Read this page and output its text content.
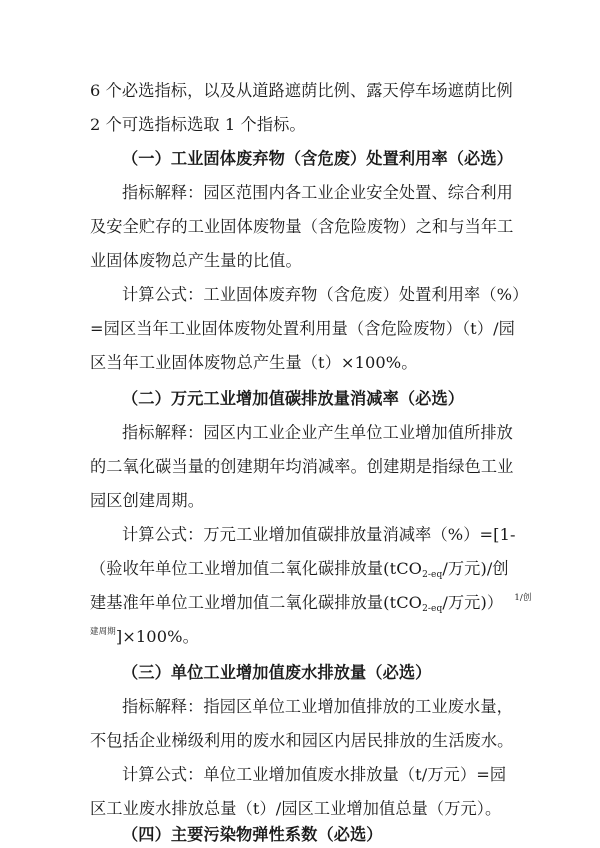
6 个必选指标，以及从道路遮荫比例、露天停车场遮荫比例
2 个可选指标选取 1 个指标。
（一）工业固体废弃物（含危废）处置利用率（必选）
指标解释：园区范围内各工业企业安全处置、综合利用
及安全贮存的工业固体废物量（含危险废物）之和与当年工
业固体废物总产生量的比值。
计算公式：工业固体废弃物（含危废）处置利用率（%）
=园区当年工业固体废物处置利用量（含危险废物）（t）/园
区当年工业固体废物总产生量（t）×100%。
（二）万元工业增加值碳排放量消减率（必选）
指标解释：园区内工业企业产生单位工业增加值所排放
的二氧化碳当量的创建期年均消减率。创建期是指绿色工业
园区创建周期。
计算公式：万元工业增加值碳排放量消减率（%）=[1-
（验收年单位工业增加值二氧化碳排放量(tCO$_{2-eq}$/万元)/创
建基准年单位工业增加值二氧化碳排放量(tCO$_{2-eq}$/万元)） $^{1/创}$
$^{建周期}$]×100%。
（三）单位工业增加值废水排放量（必选）
指标解释：指园区单位工业增加值排放的工业废水量，
不包括企业梯级利用的废水和园区内居民排放的生活废水。
计算公式：单位工业增加值废水排放量（t/万元）=园
区工业废水排放总量（t）/园区工业增加值总量（万元）。
（四）主要污染物弹性系数（必选）
